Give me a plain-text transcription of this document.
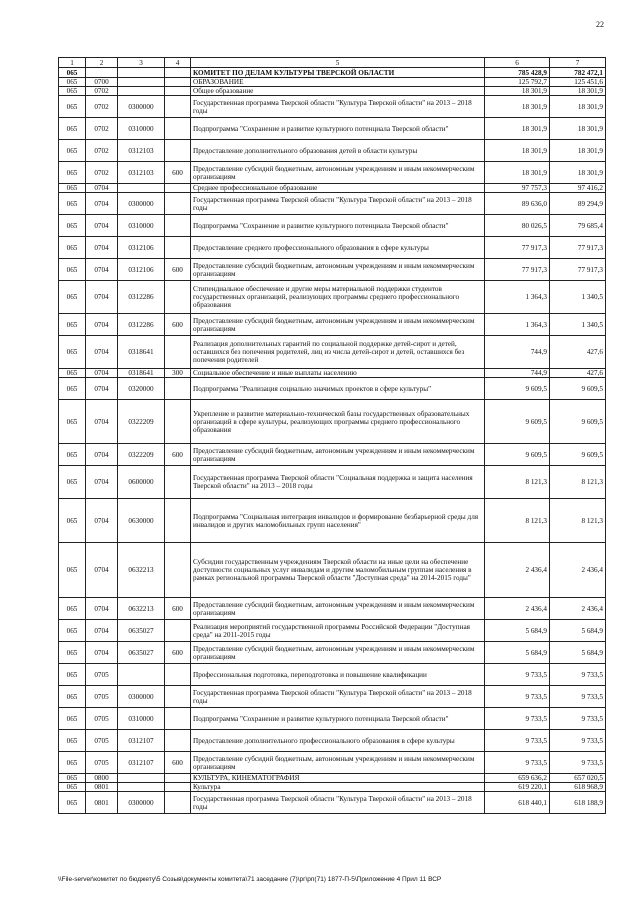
22
1	2	3	4	5	6	7
065				КОМИТЕТ ПО ДЕЛАМ КУЛЬТУРЫ ТВЕРСКОЙ ОБЛАСТИ	785 428,9	782 472,1
065	0700			ОБРАЗОВАНИЕ	125 792,7	125 451,6
065	0702			Общее образование	18 301,9	18 301,9
065	0702	0300000		Государственная программа Тверской области "Культура Тверской области" на 2013 – 2018 годы	18 301,9	18 301,9
065	0702	0310000		Подпрограмма "Сохранение и развитие культурного потенциала Тверской области"	18 301,9	18 301,9
065	0702	0312103		Предоставление дополнительного образования детей в области культуры	18 301,9	18 301,9
065	0702	0312103	600	Предоставление субсидий бюджетным, автономным учреждениям и иным некоммерческим организациям	18 301,9	18 301,9
065	0704			Среднее профессиональное образование	97 757,3	97 416,2
065	0704	0300000		Государственная программа Тверской области "Культура Тверской области" на 2013 – 2018 годы	89 636,0	89 294,9
065	0704	0310000		Подпрограмма "Сохранение и развитие культурного потенциала Тверской области"	80 026,5	79 685,4
065	0704	0312106		Предоставление среднего профессионального образования в сфере культуры	77 917,3	77 917,3
065	0704	0312106	600	Предоставление субсидий бюджетным, автономным учреждениям и иным некоммерческим организациям	77 917,3	77 917,3
065	0704	0312286		Стипендиальное обеспечение и другие меры материальной поддержки студентов государственных организаций, реализующих программы среднего профессионального образования	1 364,3	1 340,5
065	0704	0312286	600	Предоставление субсидий бюджетным, автономным учреждениям и иным некоммерческим организациям	1 364,3	1 340,5
065	0704	0318641		Реализация дополнительных гарантий по социальной поддержке детей-сирот и детей, оставшихся без попечения родителей, лиц из числа детей-сирот и детей, оставшихся без попечения родителей	744,9	427,6
065	0704	0318641	300	Социальное обеспечение и иные выплаты населению	744,9	427,6
065	0704	0320000		Подпрограмма "Реализация социально значимых проектов в сфере культуры"	9 609,5	9 609,5
065	0704	0322209		Укрепление и развитие материально-технической базы государственных образовательных организаций в сфере культуры, реализующих программы среднего профессионального образования	9 609,5	9 609,5
065	0704	0322209	600	Предоставление субсидий бюджетным, автономным учреждениям и иным некоммерческим организациям	9 609,5	9 609,5
065	0704	0600000		Государственная программа Тверской области "Социальная поддержка и защита населения Тверской области" на 2013 – 2018 годы	8 121,3	8 121,3
065	0704	0630000		Подпрограмма "Социальная интеграция инвалидов и формирование безбарьерной среды для инвалидов и других маломобильных групп населения"	8 121,3	8 121,3
065	0704	0632213		Субсидии государственным учреждениям Тверской области на иные цели на обеспечение доступности социальных услуг инвалидам и другим маломобильным группам населения в рамках региональной программы Тверской области "Доступная среда" на 2014-2015 годы"	2 436,4	2 436,4
065	0704	0632213	600	Предоставление субсидий бюджетным, автономным учреждениям и иным некоммерческим организациям	2 436,4	2 436,4
065	0704	0635027		Реализация мероприятий государственной программы Российской Федерации "Доступная среда" на 2011-2015 годы	5 684,9	5 684,9
065	0704	0635027	600	Предоставление субсидий бюджетным, автономным учреждениям и иным некоммерческим организациям	5 684,9	5 684,9
065	0705			Профессиональная подготовка, переподготовка и повышение квалификации	9 733,5	9 733,5
065	0705	0300000		Государственная программа Тверской области "Культура Тверской области" на 2013 – 2018 годы	9 733,5	9 733,5
065	0705	0310000		Подпрограмма "Сохранение и развитие культурного потенциала Тверской области"	9 733,5	9 733,5
065	0705	0312107		Предоставление дополнительного профессионального образования в сфере культуры	9 733,5	9 733,5
065	0705	0312107	600	Предоставление субсидий бюджетным, автономным учреждениям и иным некоммерческим организациям	9 733,5	9 733,5
065	0800			КУЛЬТУРА, КИНЕМАТОГРАФИЯ	659 636,2	657 020,5
065	0801			Культура	619 220,1	618 968,9
065	0801	0300000		Государственная программа Тверской области "Культура Тверской области" на 2013 – 2018 годы	618 440,1	618 188,9
\\File-server\комитет по бюджету\5 Созыв\документы комитета\71 заседание (7)\рг\рп(71) 1877-П-5\Приложение 4 Прил 11 ВСР
